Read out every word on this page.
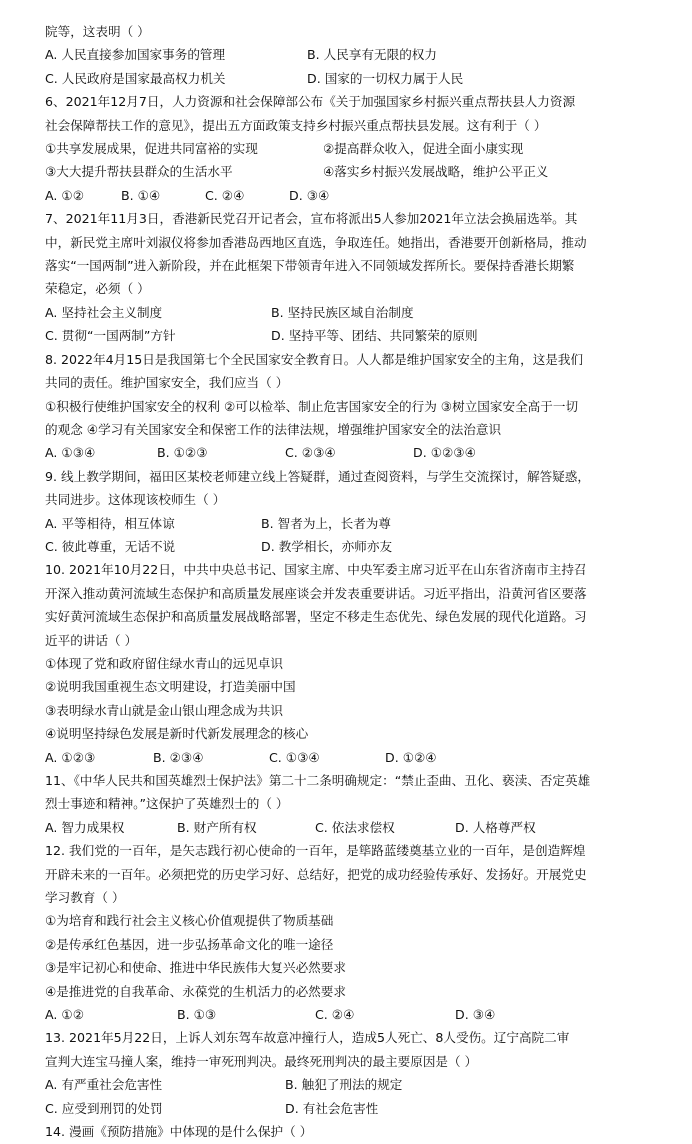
院等，这表明（ ）
A. 人民直接参加国家事务的管理	B. 人民享有无限的权力
C. 人民政府是国家最高权力机关	D. 国家的一切权力属于人民
6、2021年12月7日，人力资源和社会保障部公布《关于加强国家乡村振兴重点帮扶县人力资源
社会保障帮扶工作的意见》，提出五方面政策支持乡村振兴重点帮扶县发展。这有利于（ ）
①共享发展成果，促进共同富裕的实现	②提高群众收入，促进全面小康实现
③大大提升帮扶县群众的生活水平	④落实乡村振兴发展战略，维护公平正义
A. ①②	B. ①④	C. ②④	D. ③④
7、2021年11月3日，香港新民党召开记者会，宣布将派出5人参加2021年立法会换届选举。其
中，新民党主席叶刘淑仪将参加香港岛西地区直选，争取连任。她指出，香港要开创新格局，推动
落实“一国两制”进入新阶段，并在此框架下带领青年进入不同领域发挥所长。要保持香港长期繁
荣稳定，必须（ ）
A. 坚持社会主义制度	B. 坚持民族区域自治制度
C. 贯彻“一国两制”方针	D. 坚持平等、团结、共同繁荣的原则
8. 2022年4月15日是我国第七个全民国家安全教育日。人人都是维护国家安全的主角，这是我们
共同的责任。维护国家安全，我们应当（ ）
①积极行使维护国家安全的权利 ②可以检举、制止危害国家安全的行为 ③树立国家安全高于一切
的观念 ④学习有关国家安全和保密工作的法律法规，增强维护国家安全的法治意识
A. ①③④	B. ①②③	C. ②③④	D. ①②③④
9. 线上教学期间，福田区某校老师建立线上答疑群，通过查阅资料，与学生交流探讨，解答疑惑，
共同进步。这体现该校师生（ ）
A. 平等相待，相互体谅	B. 智者为上，长者为尊
C. 彼此尊重，无话不说	D. 教学相长，亦师亦友
10. 2021年10月22日，中共中央总书记、国家主席、中央军委主席习近平在山东省济南市主持召
开深入推动黄河流域生态保护和高质量发展座谈会并发表重要讲话。习近平指出，沿黄河省区要落
实好黄河流域生态保护和高质量发展战略部署，坚定不移走生态优先、绿色发展的现代化道路。习
近平的讲话（ ）
①体现了党和政府留住绿水青山的远见卓识
②说明我国重视生态文明建设，打造美丽中国
③表明绿水青山就是金山银山理念成为共识
④说明坚持绿色发展是新时代新发展理念的核心
A. ①②③	B. ②③④	C. ①③④	D. ①②④
11、《中华人民共和国英雄烈士保护法》第二十二条明确规定：“禁止歪曲、丑化、亵渎、否定英雄
烈士事迹和精神。”这保护了英雄烈士的（ ）
A. 智力成果权	B. 财产所有权	C. 依法求偿权	D. 人格尊严权
12. 我们党的一百年，是矢志践行初心使命的一百年，是筚路蓝缕奠基立业的一百年，是创造辉煌
开辟未来的一百年。必须把党的历史学习好、总结好，把党的成功经验传承好、发扬好。开展党史
学习教育（ ）
①为培育和践行社会主义核心价值观提供了物质基础
②是传承红色基因，进一步弘扬革命文化的唯一途径
③是牢记初心和使命、推进中华民族伟大复兴必然要求
④是推进党的自我革命、永葆党的生机活力的必然要求
A. ①②	B. ①③	C. ②④	D. ③④
13. 2021年5月22日，上诉人刘东驾车故意冲撞行人，造成5人死亡、8人受伤。辽宁高院二审
宣判大连宝马撞人案，维持一审死刑判决。最终死刑判决的最主要原因是（ ）
A. 有严重社会危害性	B. 触犯了刑法的规定
C. 应受到刑罚的处罚	D. 有社会危害性
14. 漫画《预防措施》中体现的是什么保护（ ）
